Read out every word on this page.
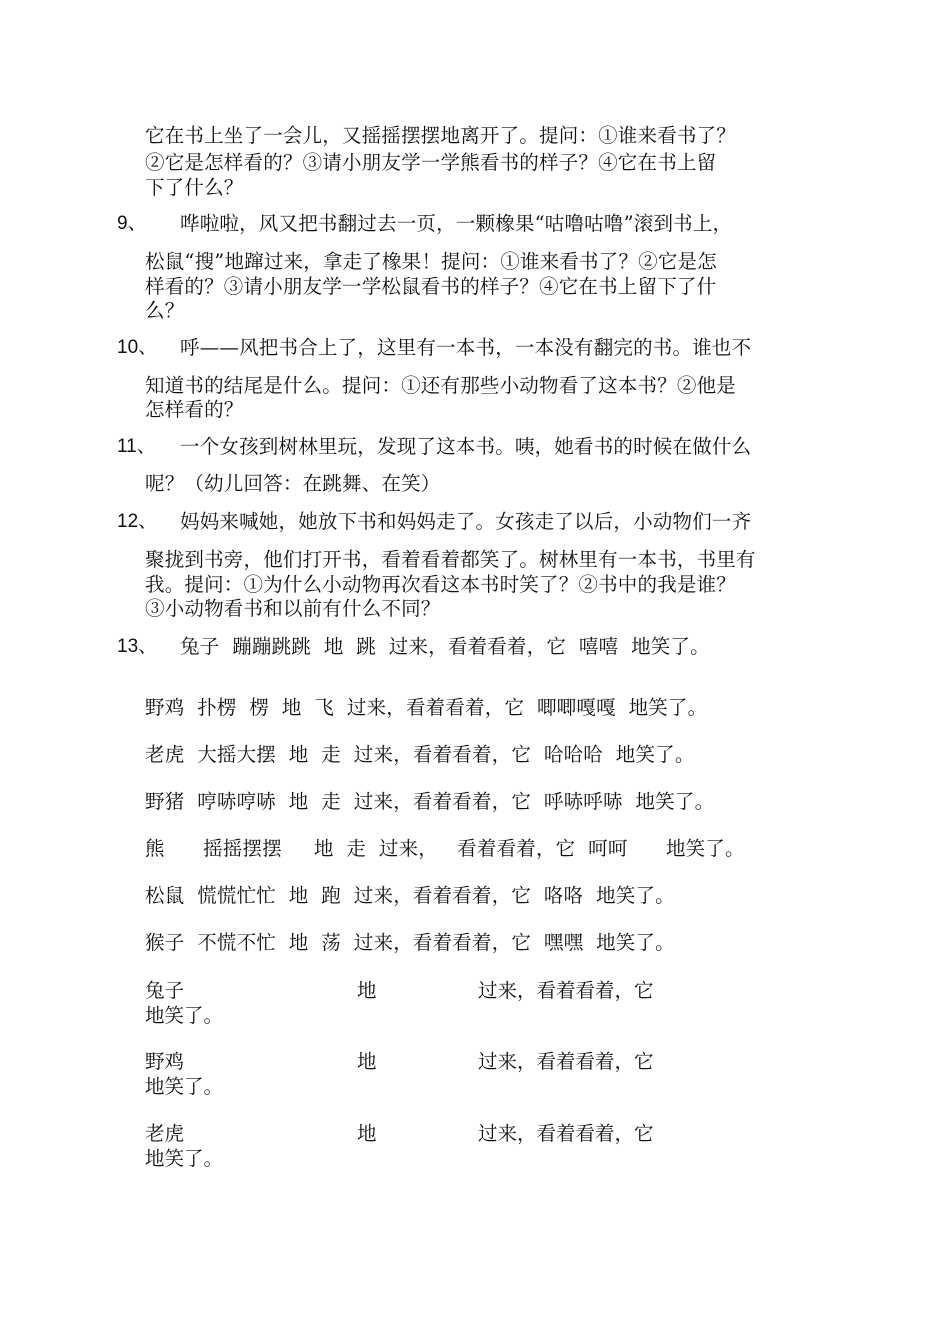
它在书上坐了一会儿，又摇摇摆摆地离开了。提问：①谁来看书了？
②它是怎样看的？③请小朋友学一学熊看书的样子？④它在书上留
下了什么？
9、 哗啦啦，风又把书翻过去一页，一颗橡果“咕噜咕噜”滚到书上，
松鼠“搜”地蹿过来，拿走了橡果！提问：①谁来看书了？②它是怎
样看的？③请小朋友学一学松鼠看书的样子？④它在书上留下了什
么？
10、 呼——风把书合上了，这里有一本书，一本没有翻完的书。谁也不
知道书的结尾是什么。提问：①还有那些小动物看了这本书？②他是
怎样看的？
11、 一个女孩到树林里玩，发现了这本书。咦，她看书的时候在做什么
呢？（幼儿回答：在跳舞、在笑）
12、 妈妈来喊她，她放下书和妈妈走了。女孩走了以后，小动物们一齐
聚拢到书旁，他们打开书，看着看着都笑了。树林里有一本书，书里有
我。提问：①为什么小动物再次看这本书时笑了？②书中的我是谁？
③小动物看书和以前有什么不同？
13、 兔子  蹦蹦跳跳  地  跳  过来，看着看着，它  嘻嘻  地笑了。
野鸡  扑楞  楞  地  飞  过来，看着看着，它  唧唧嘎嘎  地笑了。
老虎  大摇大摆  地  走  过来，看着看着，它  哈哈哈  地笑了。
野猪  哼哧哼哧  地  走  过来，看着看着，它  呼哧呼哧  地笑了。
熊      摇摇摆摆     地  走  过来，   看着看着，它  呵呵      地笑了。
松鼠  慌慌忙忙  地  跑  过来，看着看着，它  咯咯  地笑了。
猴子  不慌不忙  地  荡  过来，看着看着，它  嘿嘿  地笑了。
兔子	地	过来，看着看着，它
地笑了。
野鸡	地	过来，看着看着，它
地笑了。
老虎	地	过来，看着看着，它
地笑了。
